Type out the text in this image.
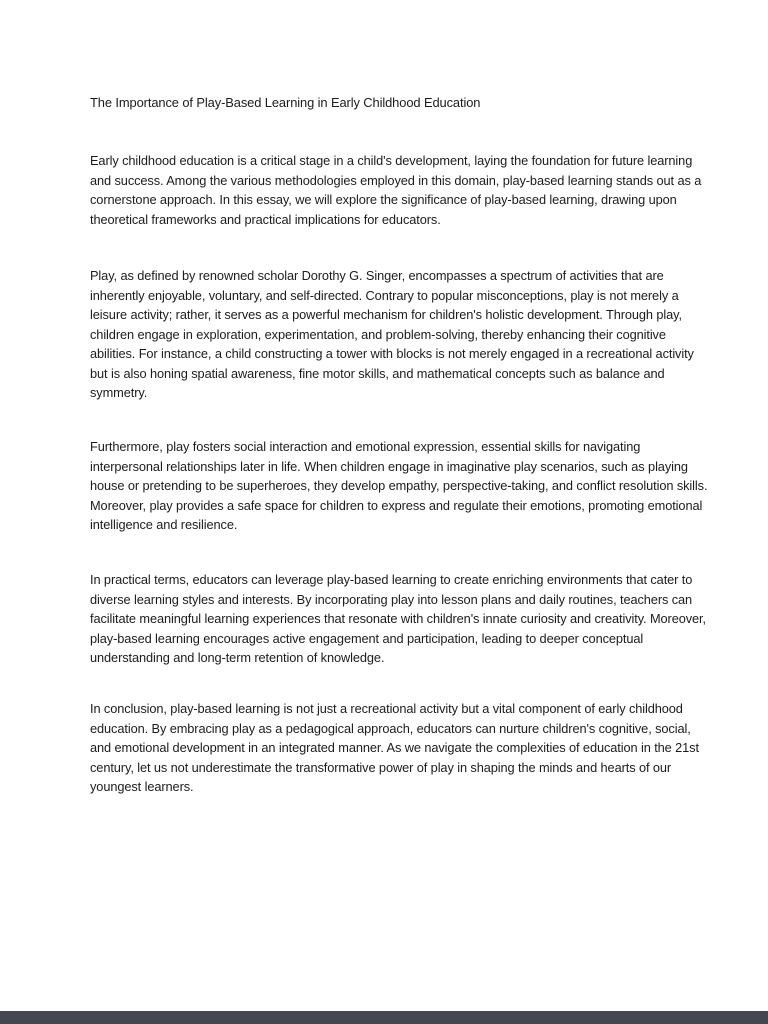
The Importance of Play-Based Learning in Early Childhood Education

Early childhood education is a critical stage in a child's development, laying the foundation for future learning and success. Among the various methodologies employed in this domain, play-based learning stands out as a cornerstone approach. In this essay, we will explore the significance of play-based learning, drawing upon theoretical frameworks and practical implications for educators.

Play, as defined by renowned scholar Dorothy G. Singer, encompasses a spectrum of activities that are inherently enjoyable, voluntary, and self-directed. Contrary to popular misconceptions, play is not merely a leisure activity; rather, it serves as a powerful mechanism for children's holistic development. Through play, children engage in exploration, experimentation, and problem-solving, thereby enhancing their cognitive abilities. For instance, a child constructing a tower with blocks is not merely engaged in a recreational activity but is also honing spatial awareness, fine motor skills, and mathematical concepts such as balance and symmetry.

Furthermore, play fosters social interaction and emotional expression, essential skills for navigating interpersonal relationships later in life. When children engage in imaginative play scenarios, such as playing house or pretending to be superheroes, they develop empathy, perspective-taking, and conflict resolution skills. Moreover, play provides a safe space for children to express and regulate their emotions, promoting emotional intelligence and resilience.

In practical terms, educators can leverage play-based learning to create enriching environments that cater to diverse learning styles and interests. By incorporating play into lesson plans and daily routines, teachers can facilitate meaningful learning experiences that resonate with children's innate curiosity and creativity. Moreover, play-based learning encourages active engagement and participation, leading to deeper conceptual understanding and long-term retention of knowledge.

In conclusion, play-based learning is not just a recreational activity but a vital component of early childhood education. By embracing play as a pedagogical approach, educators can nurture children's cognitive, social, and emotional development in an integrated manner. As we navigate the complexities of education in the 21st century, let us not underestimate the transformative power of play in shaping the minds and hearts of our youngest learners.
